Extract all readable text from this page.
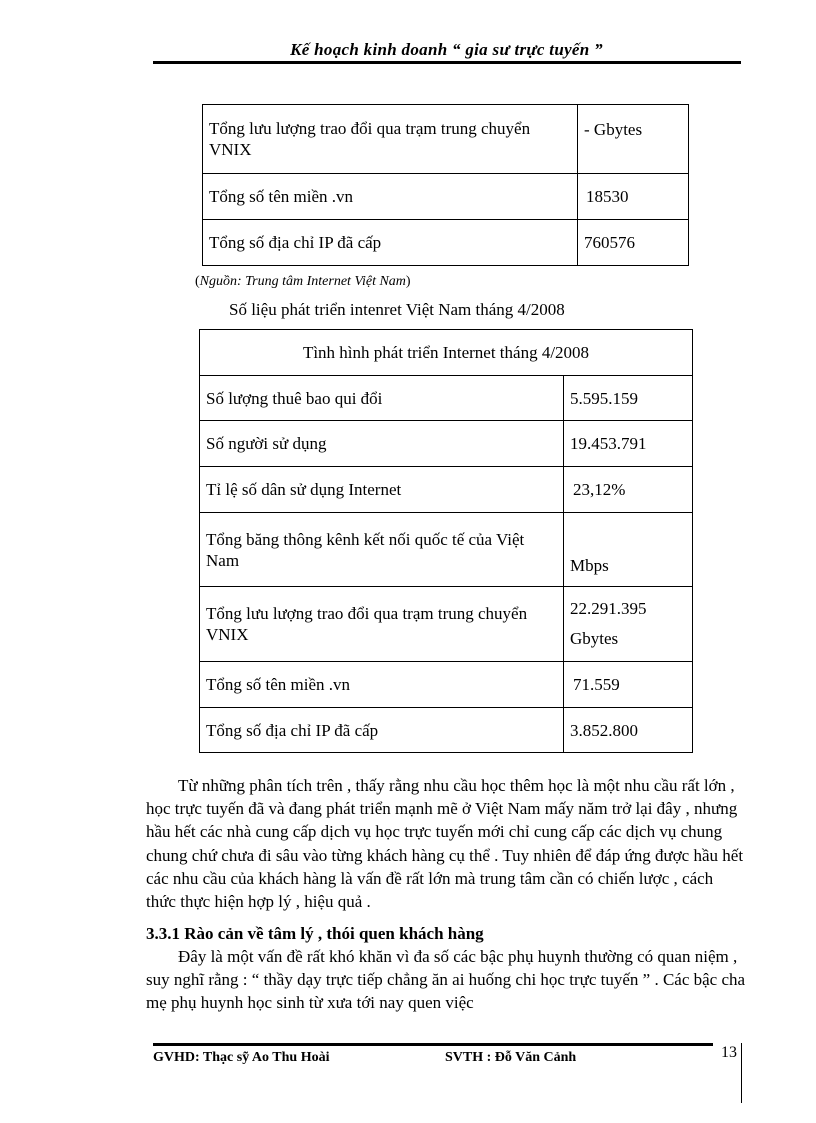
Kế hoạch kinh doanh “ gia sư trực tuyến ”
Tổng lưu lượng trao đổi qua trạm trung chuyển VNIX	- Gbytes
Tổng số tên miền .vn	18530
Tổng số địa chỉ IP đã cấp	760576
(Nguồn: Trung tâm Internet Việt Nam)
Số liệu phát triển intenret Việt Nam tháng 4/2008
Tình hình phát triển Internet tháng 4/2008	
Số lượng thuê bao qui đổi	5.595.159
Số người sử dụng	19.453.791
Tỉ lệ số dân sử dụng Internet	23,12%
Tổng băng thông kênh kết nối quốc tế của Việt Nam	Mbps
Tổng lưu lượng trao đổi qua trạm trung chuyển VNIX	22.291.395
Gbytes
Tổng số tên miền .vn	71.559
Tổng số địa chỉ IP đã cấp	3.852.800
Từ những phân tích trên , thấy rằng nhu cầu học thêm học là một nhu cầu rất lớn , học trực tuyến đã và đang phát triển mạnh mẽ ở Việt Nam mấy năm trở lại đây , nhưng hầu hết các nhà cung cấp dịch vụ học trực tuyến mới chỉ cung cấp các dịch vụ chung chung chứ chưa đi sâu vào từng khách hàng cụ thể . Tuy nhiên để đáp ứng được hầu hết các nhu cầu của khách hàng là vấn đề rất lớn mà trung tâm cần có chiến lược , cách thức thực hiện hợp lý , hiệu quả .
3.3.1 Rào cản về tâm lý , thói quen khách hàng
Đây là một vấn đề rất khó khăn vì đa số các bậc phụ huynh thường có quan niệm , suy nghĩ rằng : “ thầy dạy trực tiếp chẳng ăn ai huống chi học trực tuyến ” . Các bậc cha mẹ phụ huynh học sinh từ xưa tới nay quen việc
GVHD: Thạc sỹ Ao Thu Hoài	SVTH : Đỗ Văn Cảnh	13
